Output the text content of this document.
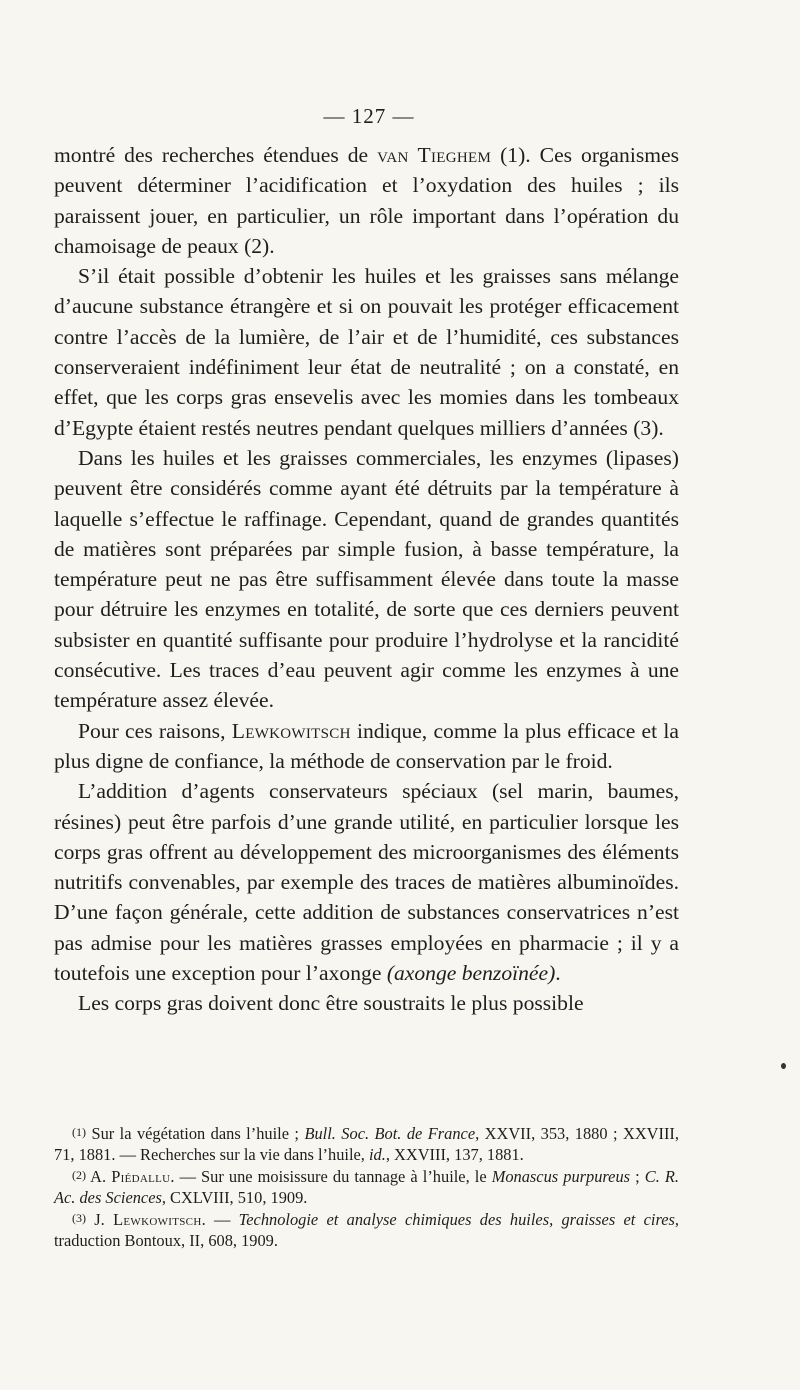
— 127 —

montré des recherches étendues de van Tieghem (1). Ces organismes peuvent déterminer l’acidification et l’oxydation des huiles ; ils paraissent jouer, en particulier, un rôle important dans l’opération du chamoisage de peaux (2).

S’il était possible d’obtenir les huiles et les graisses sans mélange d’aucune substance étrangère et si on pouvait les protéger efficacement contre l’accès de la lumière, de l’air et de l’humidité, ces substances conserveraient indéfiniment leur état de neutralité ; on a constaté, en effet, que les corps gras ensevelis avec les momies dans les tombeaux d’Egypte étaient restés neutres pendant quelques milliers d’années (3).

Dans les huiles et les graisses commerciales, les enzymes (lipases) peuvent être considérés comme ayant été détruits par la température à laquelle s’effectue le raffinage. Cependant, quand de grandes quantités de matières sont préparées par simple fusion, à basse température, la température peut ne pas être suffisamment élevée dans toute la masse pour détruire les enzymes en totalité, de sorte que ces derniers peuvent subsister en quantité suffisante pour produire l’hydrolyse et la rancidité consécutive. Les traces d’eau peuvent agir comme les enzymes à une température assez élevée.

Pour ces raisons, Lewkowitsch indique, comme la plus efficace et la plus digne de confiance, la méthode de conservation par le froid.

L’addition d’agents conservateurs spéciaux (sel marin, baumes, résines) peut être parfois d’une grande utilité, en particulier lorsque les corps gras offrent au développement des microorganismes des éléments nutritifs convenables, par exemple des traces de matières albuminoïdes. D’une façon générale, cette addition de substances conservatrices n’est pas admise pour les matières grasses employées en pharmacie ; il y a toutefois une exception pour l’axonge (axonge benzoïnée).

Les corps gras doivent donc être soustraits le plus possible

(1) Sur la végétation dans l’huile ; Bull. Soc. Bot. de France, XXVII, 353, 1880 ; XXVIII, 71, 1881. — Recherches sur la vie dans l’huile, id., XXVIII, 137, 1881.

(2) A. Piédallu. — Sur une moisissure du tannage à l’huile, le Monascus purpureus ; C. R. Ac. des Sciences, CXLVIII, 510, 1909.

(3) J. Lewkowitsch. — Technologie et analyse chimiques des huiles, graisses et cires, traduction Bontoux, II, 608, 1909.
